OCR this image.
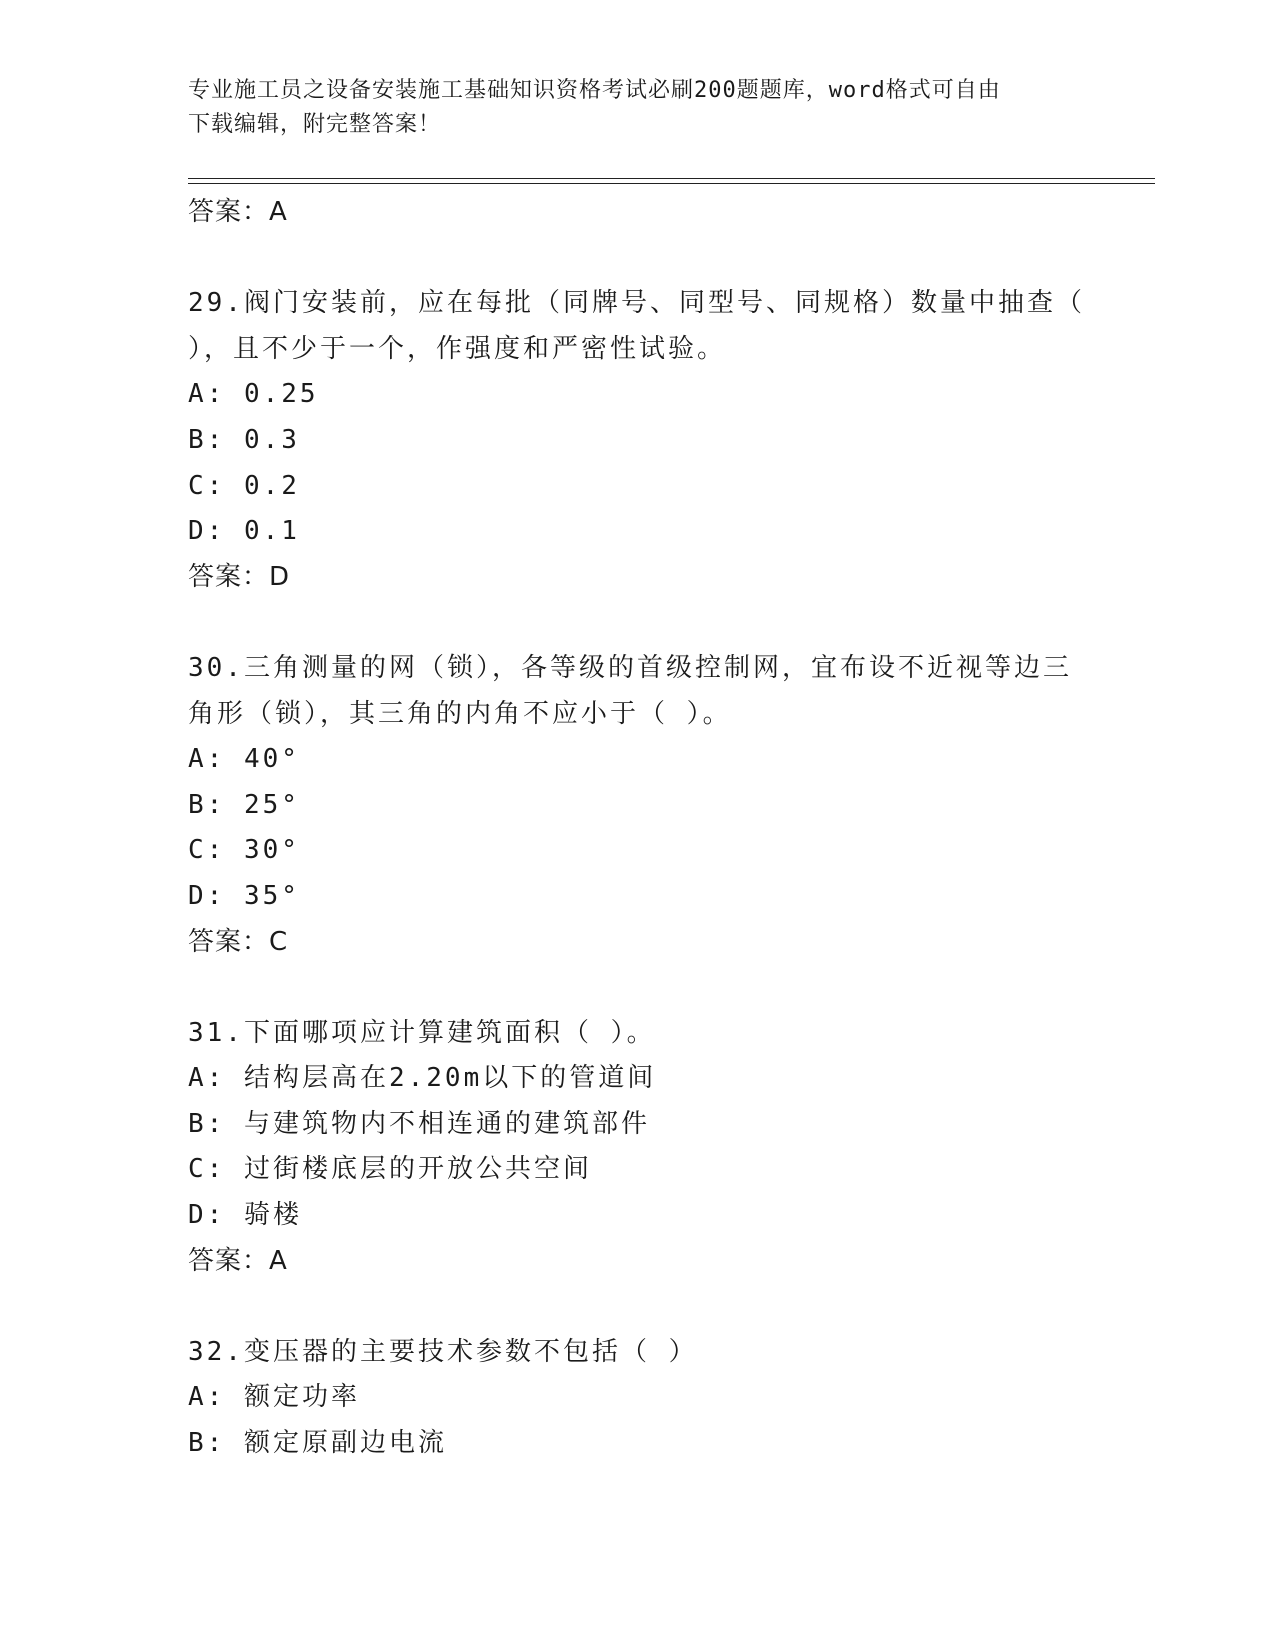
专业施工员之设备安装施工基础知识资格考试必刷200题题库，word格式可自由
下载编辑，附完整答案！
答案：A
29.阀门安装前，应在每批（同牌号、同型号、同规格）数量中抽查（
），且不少于一个，作强度和严密性试验。
A: 0.25
B: 0.3
C: 0.2
D: 0.1
答案：D
30.三角测量的网（锁），各等级的首级控制网，宜布设不近视等边三
角形（锁），其三角的内角不应小于（ ）。
A: 40°
B: 25°
C: 30°
D: 35°
答案：C
31.下面哪项应计算建筑面积（ ）。
A: 结构层高在2.20m以下的管道间
B: 与建筑物内不相连通的建筑部件
C: 过街楼底层的开放公共空间
D: 骑楼
答案：A
32.变压器的主要技术参数不包括（ ）
A: 额定功率
B: 额定原副边电流
